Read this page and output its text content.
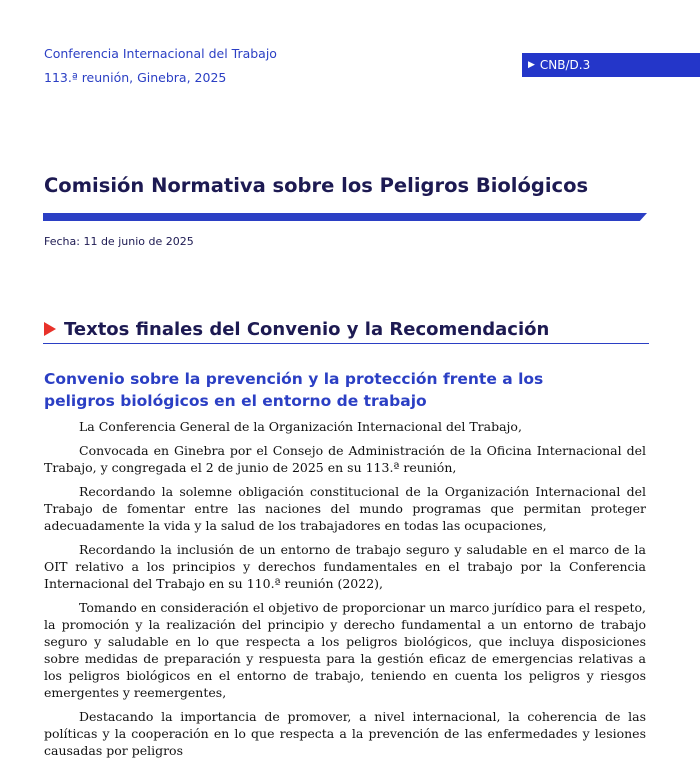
Conferencia Internacional del Trabajo
113.ª reunión, Ginebra, 2025
▶ CNB/D.3
Comisión Normativa sobre los Peligros Biológicos
Fecha: 11 de junio de 2025
Textos finales del Convenio y la Recomendación
Convenio sobre la prevención y la protección frente a los peligros biológicos en el entorno de trabajo

La Conferencia General de la Organización Internacional del Trabajo,

Convocada en Ginebra por el Consejo de Administración de la Oficina Internacional del Trabajo, y congregada el 2 de junio de 2025 en su 113.ª reunión,

Recordando la solemne obligación constitucional de la Organización Internacional del Trabajo de fomentar entre las naciones del mundo programas que permitan proteger adecuadamente la vida y la salud de los trabajadores en todas las ocupaciones,

Recordando la inclusión de un entorno de trabajo seguro y saludable en el marco de la OIT relativo a los principios y derechos fundamentales en el trabajo por la Conferencia Internacional del Trabajo en su 110.ª reunión (2022),

Tomando en consideración el objetivo de proporcionar un marco jurídico para el respeto, la promoción y la realización del principio y derecho fundamental a un entorno de trabajo seguro y saludable en lo que respecta a los peligros biológicos, que incluya disposiciones sobre medidas de preparación y respuesta para la gestión eficaz de emergencias relativas a los peligros biológicos en el entorno de trabajo, teniendo en cuenta los peligros y riesgos emergentes y reemergentes,

Destacando la importancia de promover, a nivel internacional, la coherencia de las políticas y la cooperación en lo que respecta a la prevención de las enfermedades y lesiones causadas por peligros
